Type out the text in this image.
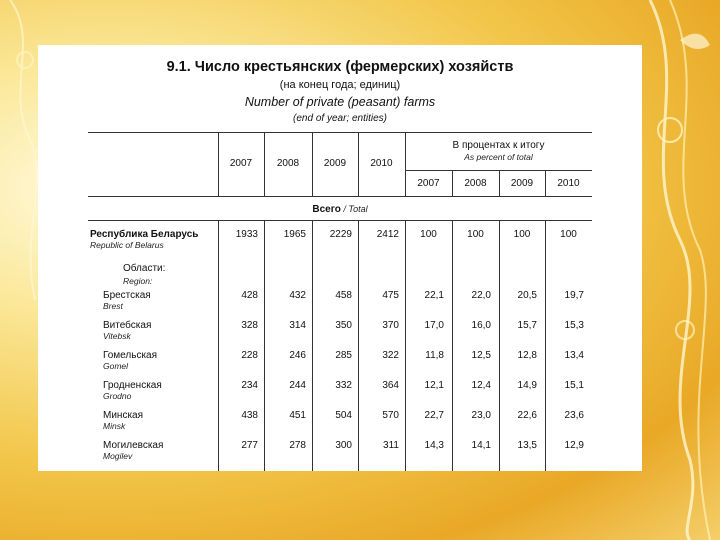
9.1. Число крестьянских (фермерских) хозяйств
(на конец года; единиц)
Number of private (peasant) farms
(end of year; entities)
2007	2008	2009	2010
В процентах к итогу
As percent of total
2007	2008	2009	2010
Всего / Total
Области:
Region:
Республика Беларусь
Republic of Belarus
1933	1965	2229	2412	100	100	100	100
Брестская
Brest
428	432	458	475	22,1	22,0	20,5	19,7
Витебская
Vitebsk
328	314	350	370	17,0	16,0	15,7	15,3
Гомельская
Gomel
228	246	285	322	11,8	12,5	12,8	13,4
Гродненская
Grodno
234	244	332	364	12,1	12,4	14,9	15,1
Минская
Minsk
438	451	504	570	22,7	23,0	22,6	23,6
Могилевская
Mogilev
277	278	300	311	14,3	14,1	13,5	12,9
